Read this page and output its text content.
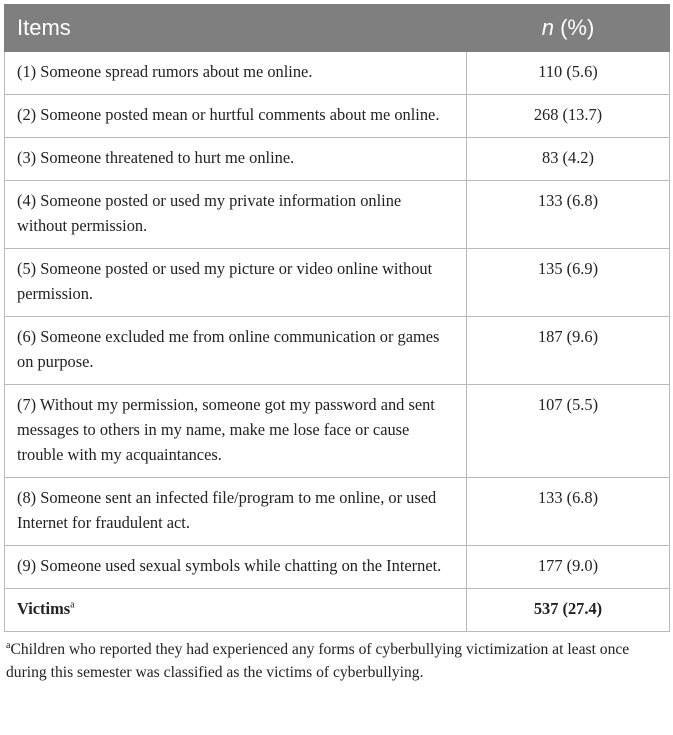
Items	n (%)
(1) Someone spread rumors about me online.	110 (5.6)
(2) Someone posted mean or hurtful comments about me online.	268 (13.7)
(3) Someone threatened to hurt me online.	83 (4.2)
(4) Someone posted or used my private information online without permission.	133 (6.8)
(5) Someone posted or used my picture or video online without permission.	135 (6.9)
(6) Someone excluded me from online communication or games on purpose.	187 (9.6)
(7) Without my permission, someone got my password and sent messages to others in my name, make me lose face or cause trouble with my acquaintances.	107 (5.5)
(8) Someone sent an infected file/program to me online, or used Internet for fraudulent act.	133 (6.8)
(9) Someone used sexual symbols while chatting on the Internet.	177 (9.0)
Victims$^a$	537 (27.4)

$^a$Children who reported they had experienced any forms of cyberbullying victimization at least once during this semester was classified as the victims of cyberbullying.
